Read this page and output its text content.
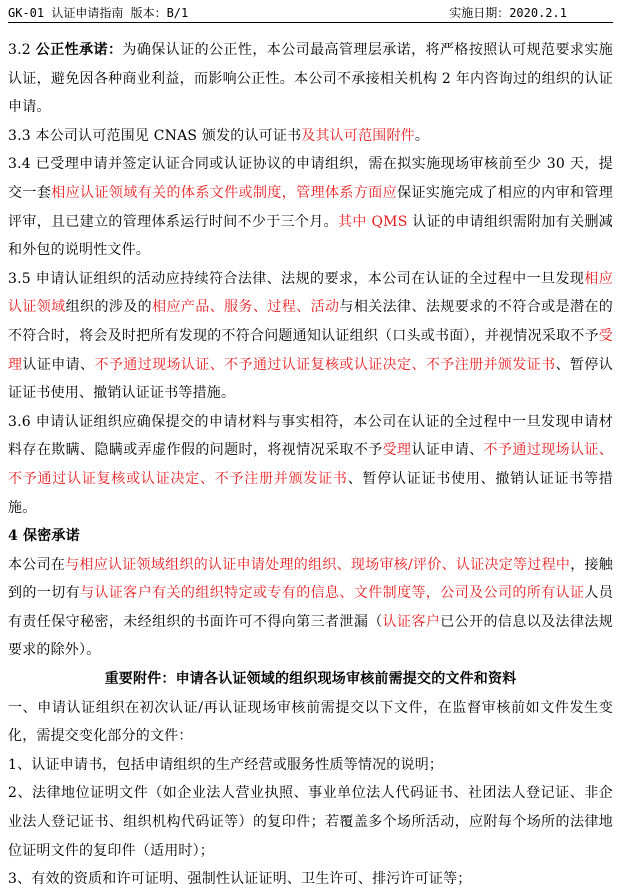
GK-01 认证申请指南 版本：B/1	实施日期：2020.2.1

3.2 公正性承诺：为确保认证的公正性，本公司最高管理层承诺，将严格按照认可规范要求实施认证，避免因各种商业利益，而影响公正性。本公司不承接相关机构 2 年内咨询过的组织的认证申请。

3.3 本公司认可范围见 CNAS 颁发的认可证书及其认可范围附件。

3.4 已受理申请并签定认证合同或认证协议的申请组织，需在拟实施现场审核前至少 30 天，提交一套相应认证领域有关的体系文件或制度，管理体系方面应保证实施完成了相应的内审和管理评审，且已建立的管理体系运行时间不少于三个月。其中 QMS 认证的申请组织需附加有关删减和外包的说明性文件。

3.5 申请认证组织的活动应持续符合法律、法规的要求，本公司在认证的全过程中一旦发现相应认证领域组织的涉及的相应产品、服务、过程、活动与相关法律、法规要求的不符合或是潜在的不符合时，将会及时把所有发现的不符合问题通知认证组织（口头或书面），并视情况采取不予受理认证申请、不予通过现场认证、不予通过认证复核或认证决定、不予注册并颁发证书、暂停认证证书使用、撤销认证证书等措施。

3.6 申请认证组织应确保提交的申请材料与事实相符，本公司在认证的全过程中一旦发现申请材料存在欺瞒、隐瞒或弄虚作假的问题时，将视情况采取不予受理认证申请、不予通过现场认证、不予通过认证复核或认证决定、不予注册并颁发证书、暂停认证证书使用、撤销认证证书等措施。

4 保密承诺

本公司在与相应认证领域组织的认证申请处理的组织、现场审核/评价、认证决定等过程中，接触到的一切有与认证客户有关的组织特定或专有的信息、文件制度等，公司及公司的所有认证人员有责任保守秘密，未经组织的书面许可不得向第三者泄漏（认证客户已公开的信息以及法律法规要求的除外）。

重要附件：申请各认证领域的组织现场审核前需提交的文件和资料

一、申请认证组织在初次认证/再认证现场审核前需提交以下文件，在监督审核前如文件发生变化，需提交变化部分的文件：

1、认证申请书，包括申请组织的生产经营或服务性质等情况的说明；

2、法律地位证明文件（如企业法人营业执照、事业单位法人代码证书、社团法人登记证、非企业法人登记证书、组织机构代码证等）的复印件；若覆盖多个场所活动，应附每个场所的法律地位证明文件的复印件（适用时）；

3、有效的资质和许可证明、强制性认证证明、卫生许可、排污许可证等；
